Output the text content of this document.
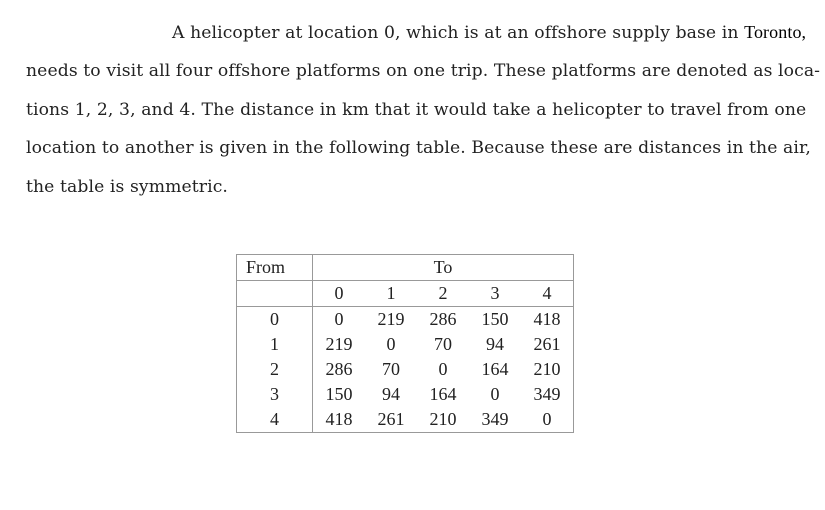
A helicopter at location 0, which is at an offshore supply base in Toronto,
needs to visit all four offshore platforms on one trip. These platforms are denoted as loca-
tions 1, 2, 3, and 4. The distance in km that it would take a helicopter to travel from one
location to another is given in the following table. Because these are distances in the air,
the table is symmetric.
From	To				
	0	1	2	3	4
0	0	219	286	150	418
1	219	0	70	94	261
2	286	70	0	164	210
3	150	94	164	0	349
4	418	261	210	349	0
